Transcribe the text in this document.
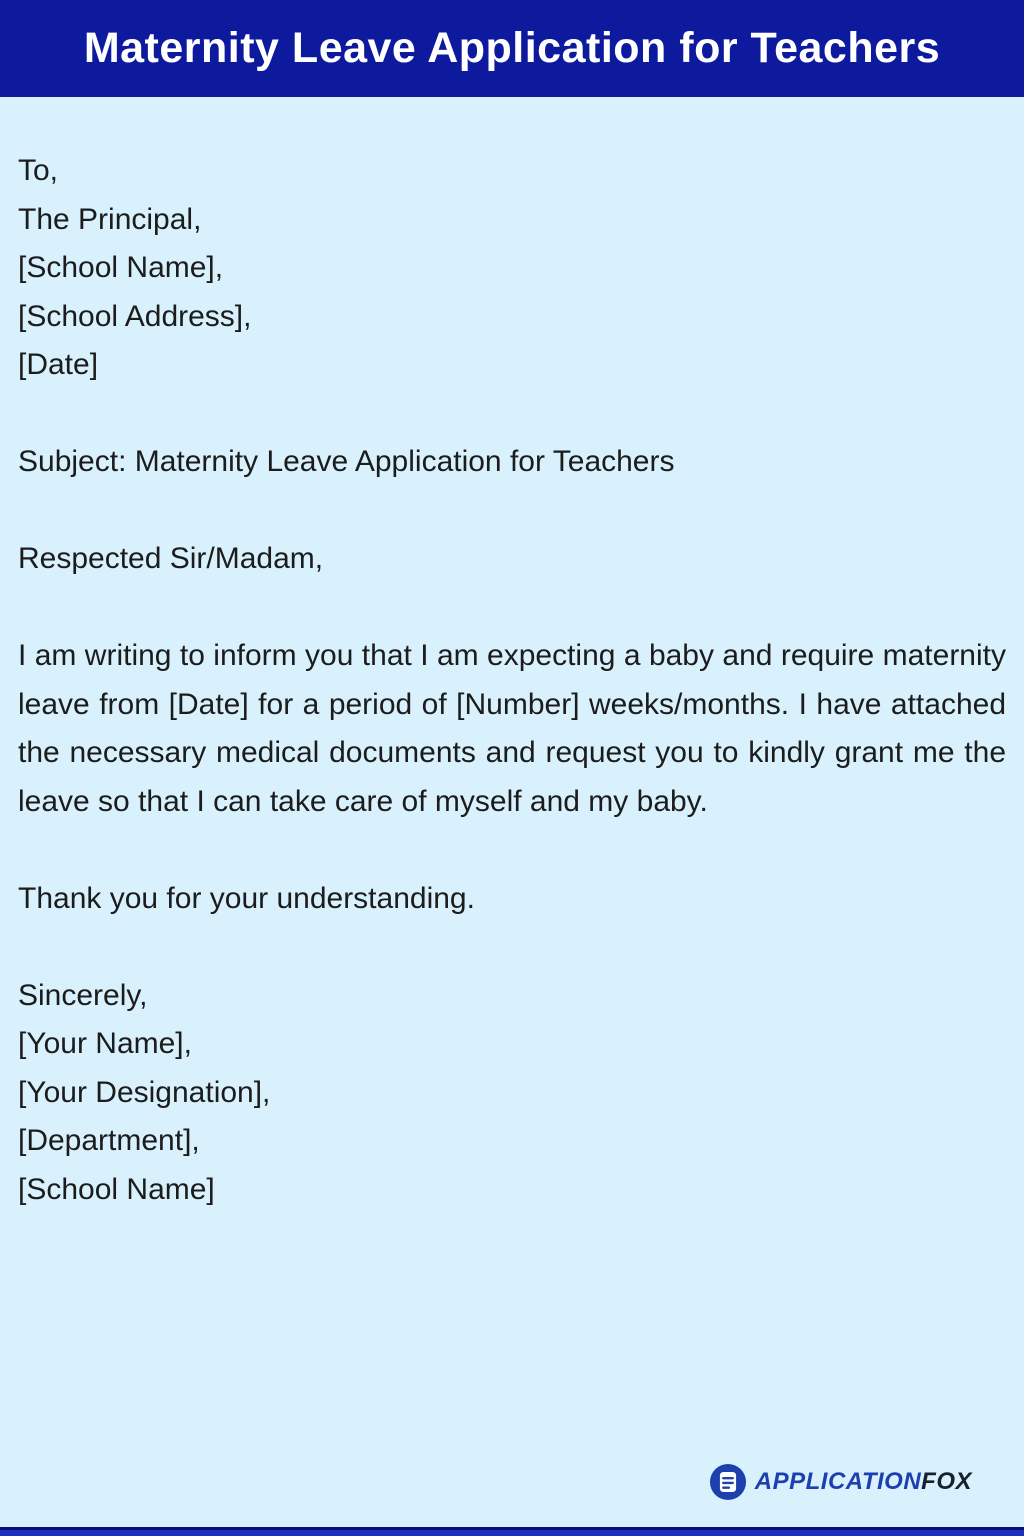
Maternity Leave Application for Teachers

To,
The Principal,
[School Name],
[School Address],
[Date]

Subject: Maternity Leave Application for Teachers

Respected Sir/Madam,

I am writing to inform you that I am expecting a baby and require maternity leave from [Date] for a period of [Number] weeks/months. I have attached the necessary medical documents and request you to kindly grant me the leave so that I can take care of myself and my baby.

Thank you for your understanding.

Sincerely,
[Your Name],
[Your Designation],
[Department],
[School Name]

APPLICATIONFOX
